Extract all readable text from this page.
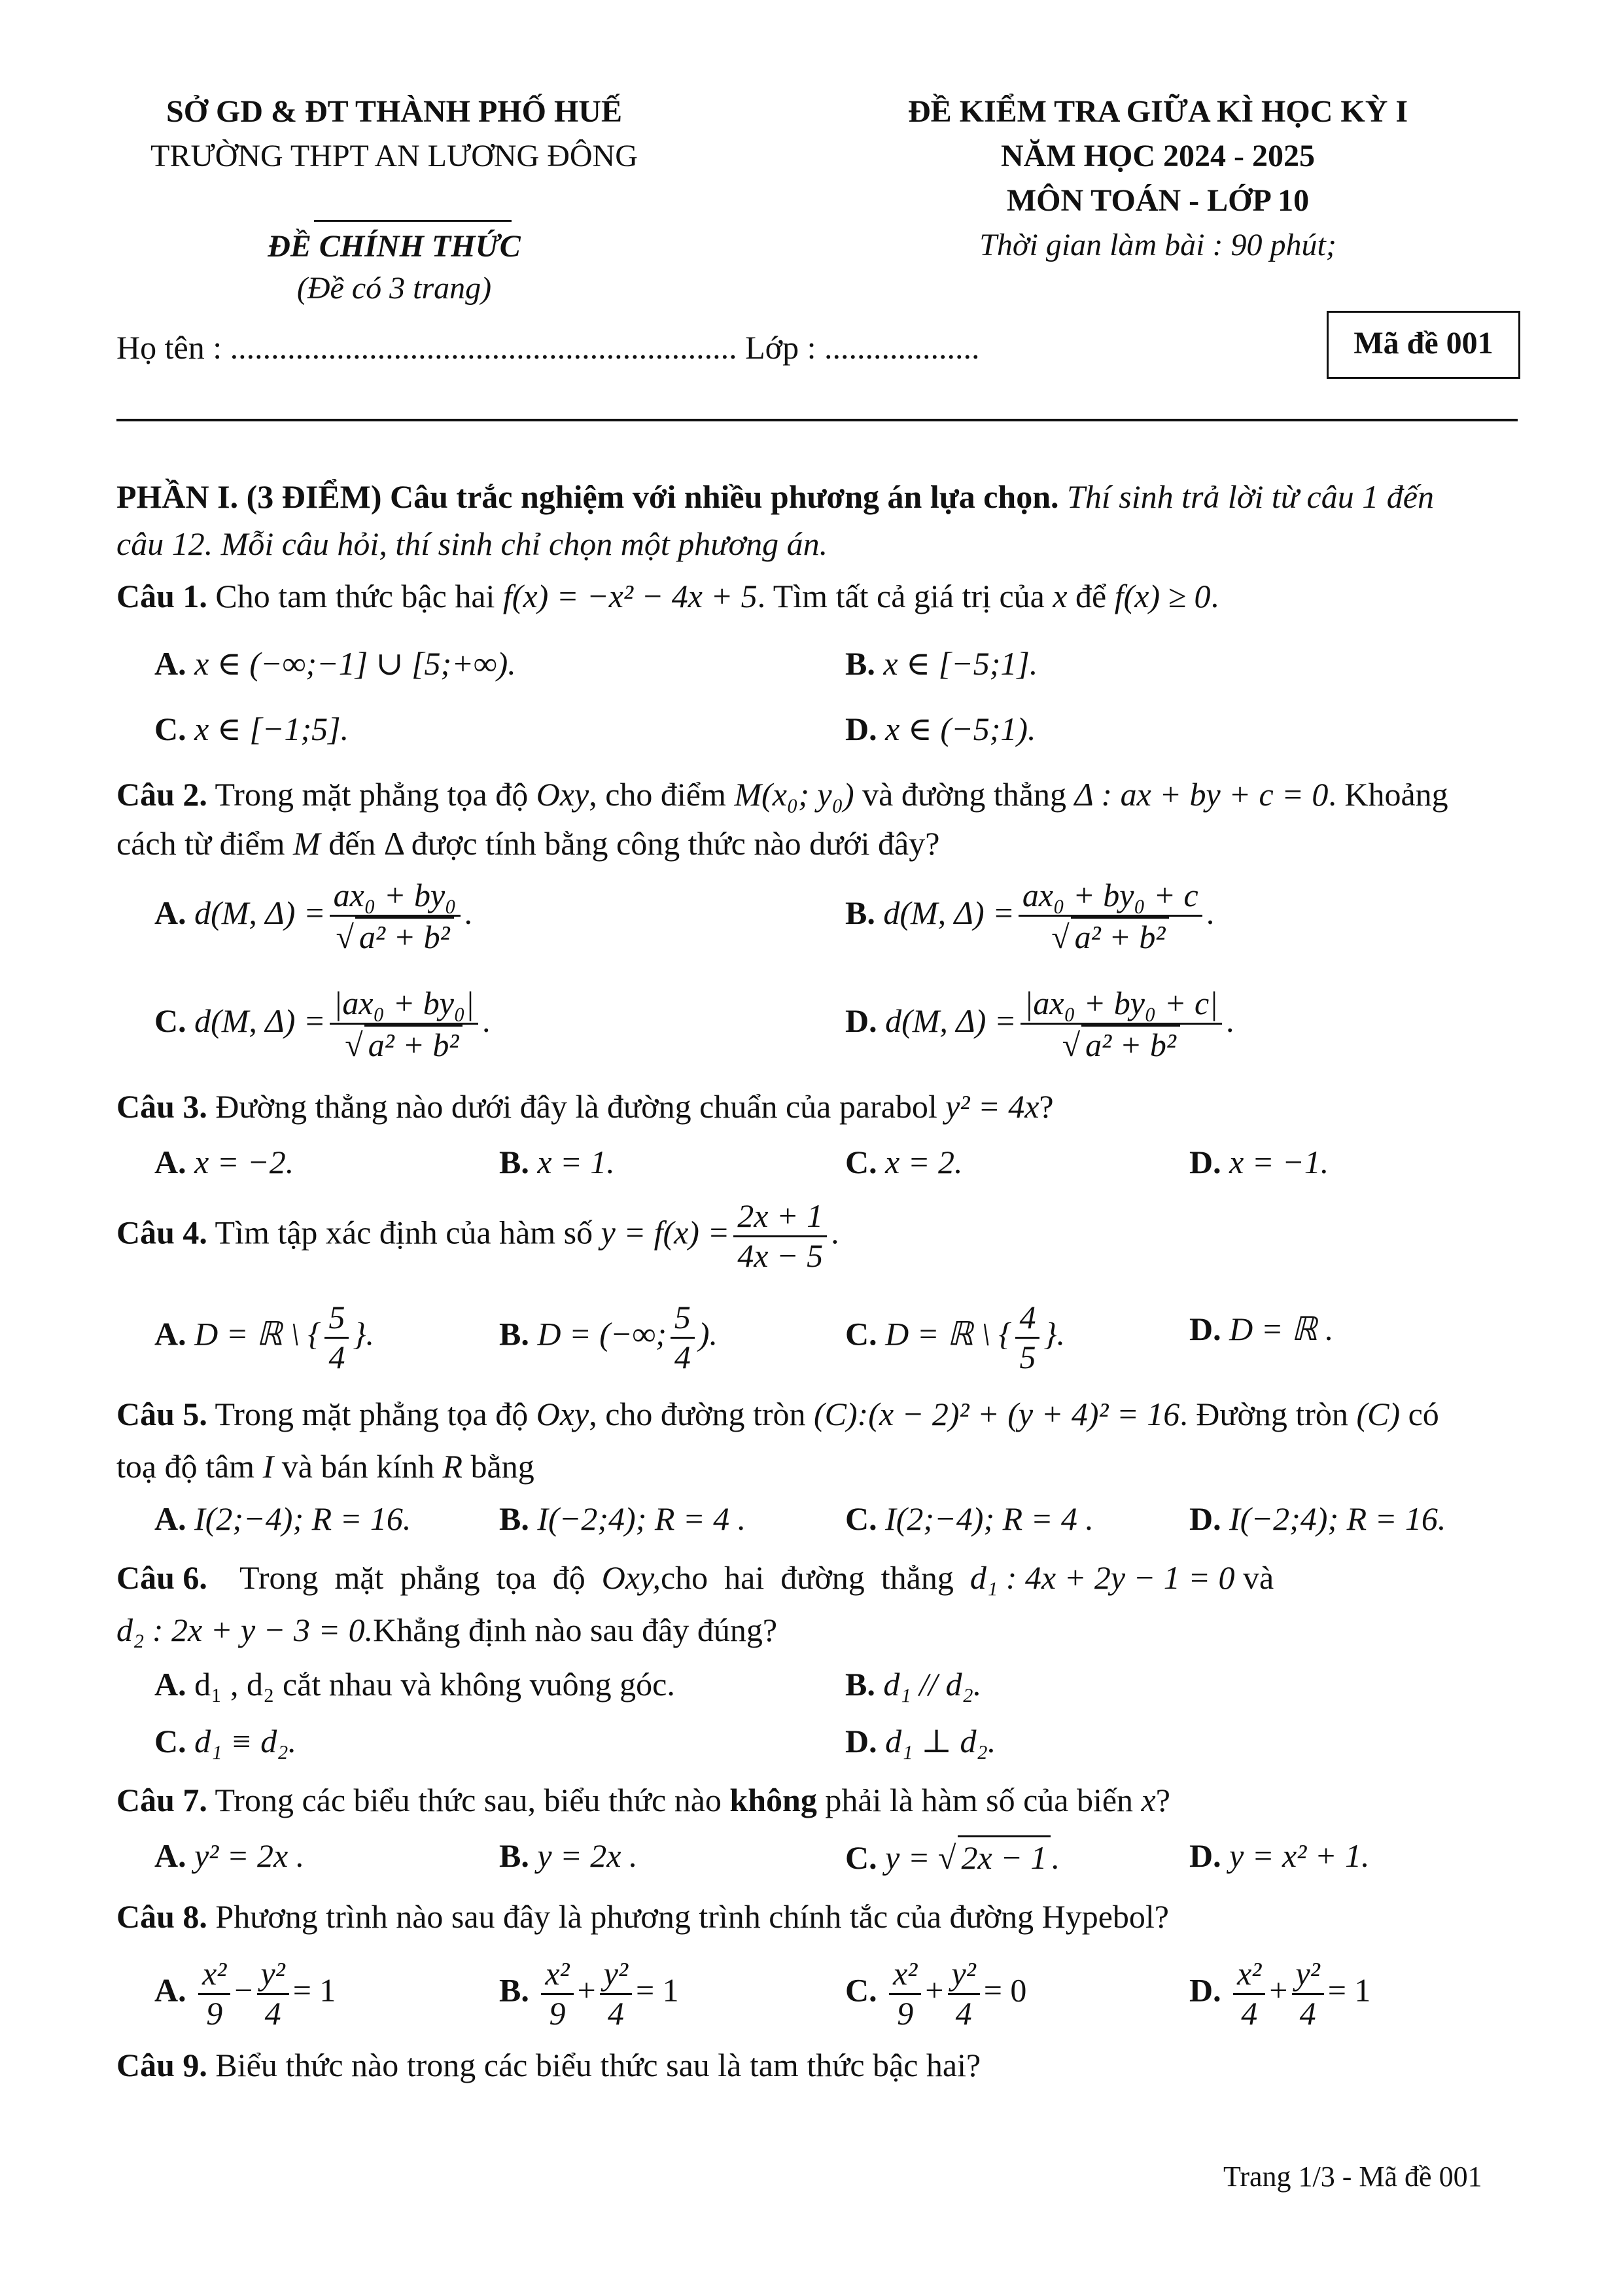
SỞ GD & ĐT THÀNH PHỐ HUẾ
TRƯỜNG THPT AN LƯƠNG ĐÔNG
ĐỀ CHÍNH THỨC
(Đề có 3 trang)
ĐỀ KIỂM TRA GIỮA KÌ HỌC KỲ I
NĂM HỌC 2024 - 2025
MÔN TOÁN - LỚP 10
Thời gian làm bài : 90 phút;
Họ tên : .............................................................. Lớp : ...................	Mã đề 001
PHẦN I. (3 ĐIỂM) Câu trắc nghiệm với nhiều phương án lựa chọn. Thí sinh trả lời từ câu 1 đến
câu 12. Mỗi câu hỏi, thí sinh chỉ chọn một phương án.
Câu 1. Cho tam thức bậc hai f(x) = −x² − 4x + 5. Tìm tất cả giá trị của x để f(x) ≥ 0.
A. x ∈ (−∞;−1] ∪ [5;+∞).	B. x ∈ [−5;1].
C. x ∈ [−1;5].	D. x ∈ (−5;1).
Câu 2. Trong mặt phẳng tọa độ Oxy, cho điểm M(x₀; y₀) và đường thẳng Δ : ax + by + c = 0. Khoảng
cách từ điểm M đến Δ được tính bằng công thức nào dưới đây?
A. d(M, $\Delta) = \frac{\text{ax₀ + by₀}}{\text{√ a² + b²}}$ .	B. d(M, $\Delta) = \frac{\text{ax₀ + by₀ + c}}{\text{√ a² + b²}}$ .
C. d(M, $\Delta) = \frac{\text{|ax₀ + by₀|}}{\text{√ a² + b²}}$ .	D. d(M, $\Delta) = \frac{\text{|ax₀ + by₀ + c|}}{\text{√ a² + b²}}$ .
Câu 3. Đường thẳng nào dưới đây là đường chuẩn của parabol y² = 4x?
A. x = −2.	B. x = 1.	C. x = 2.	D. x = −1.
Câu 4. Tìm tập xác định của hàm số $y = f(x) = \frac{2x + 1}{4x - 5}$ .
A. D = ℝ \ { $\frac{5}{4}$ }.	B. D = (−∞; $\frac{5}{4}$ ).	C. D = ℝ \ { $\frac{4}{5}$ }.	D. D = ℝ .
Câu 5. Trong mặt phẳng tọa độ Oxy, cho đường tròn (C):(x − 2)² + (y + 4)² = 16. Đường tròn (C) có
toạ độ tâm I và bán kính R bằng
A. I(2;−4); R = 16.	B. I(−2;4); R = 4 .	C. I(2;−4); R = 4 .	D. I(−2;4); R = 16.
Câu 6. Trong  mặt  phẳng  tọa  độ  Oxy,cho  hai  đường  thẳng  d₁ : 4x + 2y − 1 = 0 và
d₂ : 2x + y − 3 = 0.Khẳng định nào sau đây đúng?
A. d₁ , d₂ cắt nhau và không vuông góc.	B. d₁ // d₂.
C. d₁ ≡ d₂.	D. d₁ ⊥ d₂.
Câu 7. Trong các biểu thức sau, biểu thức nào không phải là hàm số của biến x?
A. y² = 2x .	B. y = 2x .	C. y = √ 2x − 1 .	D. y = x² + 1.
Câu 8. Phương trình nào sau đây là phương trình chính tắc của đường Hypebol?
A. $\frac{\text{x²}}{9} - \frac{\text{y²}}{4} = 1$	B. $\frac{\text{x²}}{9} + \frac{\text{y²}}{4} = 1$	C. $\frac{\text{x²}}{9} + \frac{\text{y²}}{4} = 0$	D. $\frac{\text{x²}}{4} + \frac{\text{y²}}{4} = 1$
Câu 9. Biểu thức nào trong các biểu thức sau là tam thức bậc hai?
Trang 1/3 - Mã đề 001
